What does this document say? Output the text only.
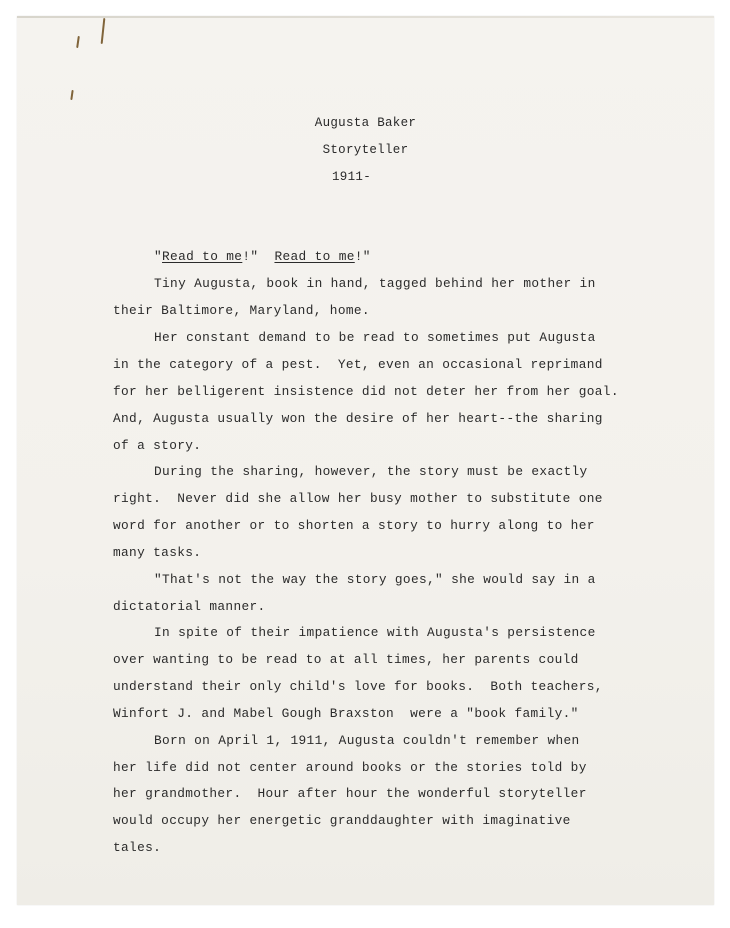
Augusta Baker
Storyteller
1911-
"Read to me!"  Read to me!"
Tiny Augusta, book in hand, tagged behind her mother in
their Baltimore, Maryland, home.
Her constant demand to be read to sometimes put Augusta
in the category of a pest.  Yet, even an occasional reprimand
for her belligerent insistence did not deter her from her goal.
And, Augusta usually won the desire of her heart--the sharing
of a story.
During the sharing, however, the story must be exactly
right.  Never did she allow her busy mother to substitute one
word for another or to shorten a story to hurry along to her
many tasks.
"That's not the way the story goes," she would say in a
dictatorial manner.
In spite of their impatience with Augusta's persistence
over wanting to be read to at all times, her parents could
understand their only child's love for books.  Both teachers,
Winfort J. and Mabel Gough Braxston  were a "book family."
Born on April 1, 1911, Augusta couldn't remember when
her life did not center around books or the stories told by
her grandmother.  Hour after hour the wonderful storyteller
would occupy her energetic granddaughter with imaginative
tales.
